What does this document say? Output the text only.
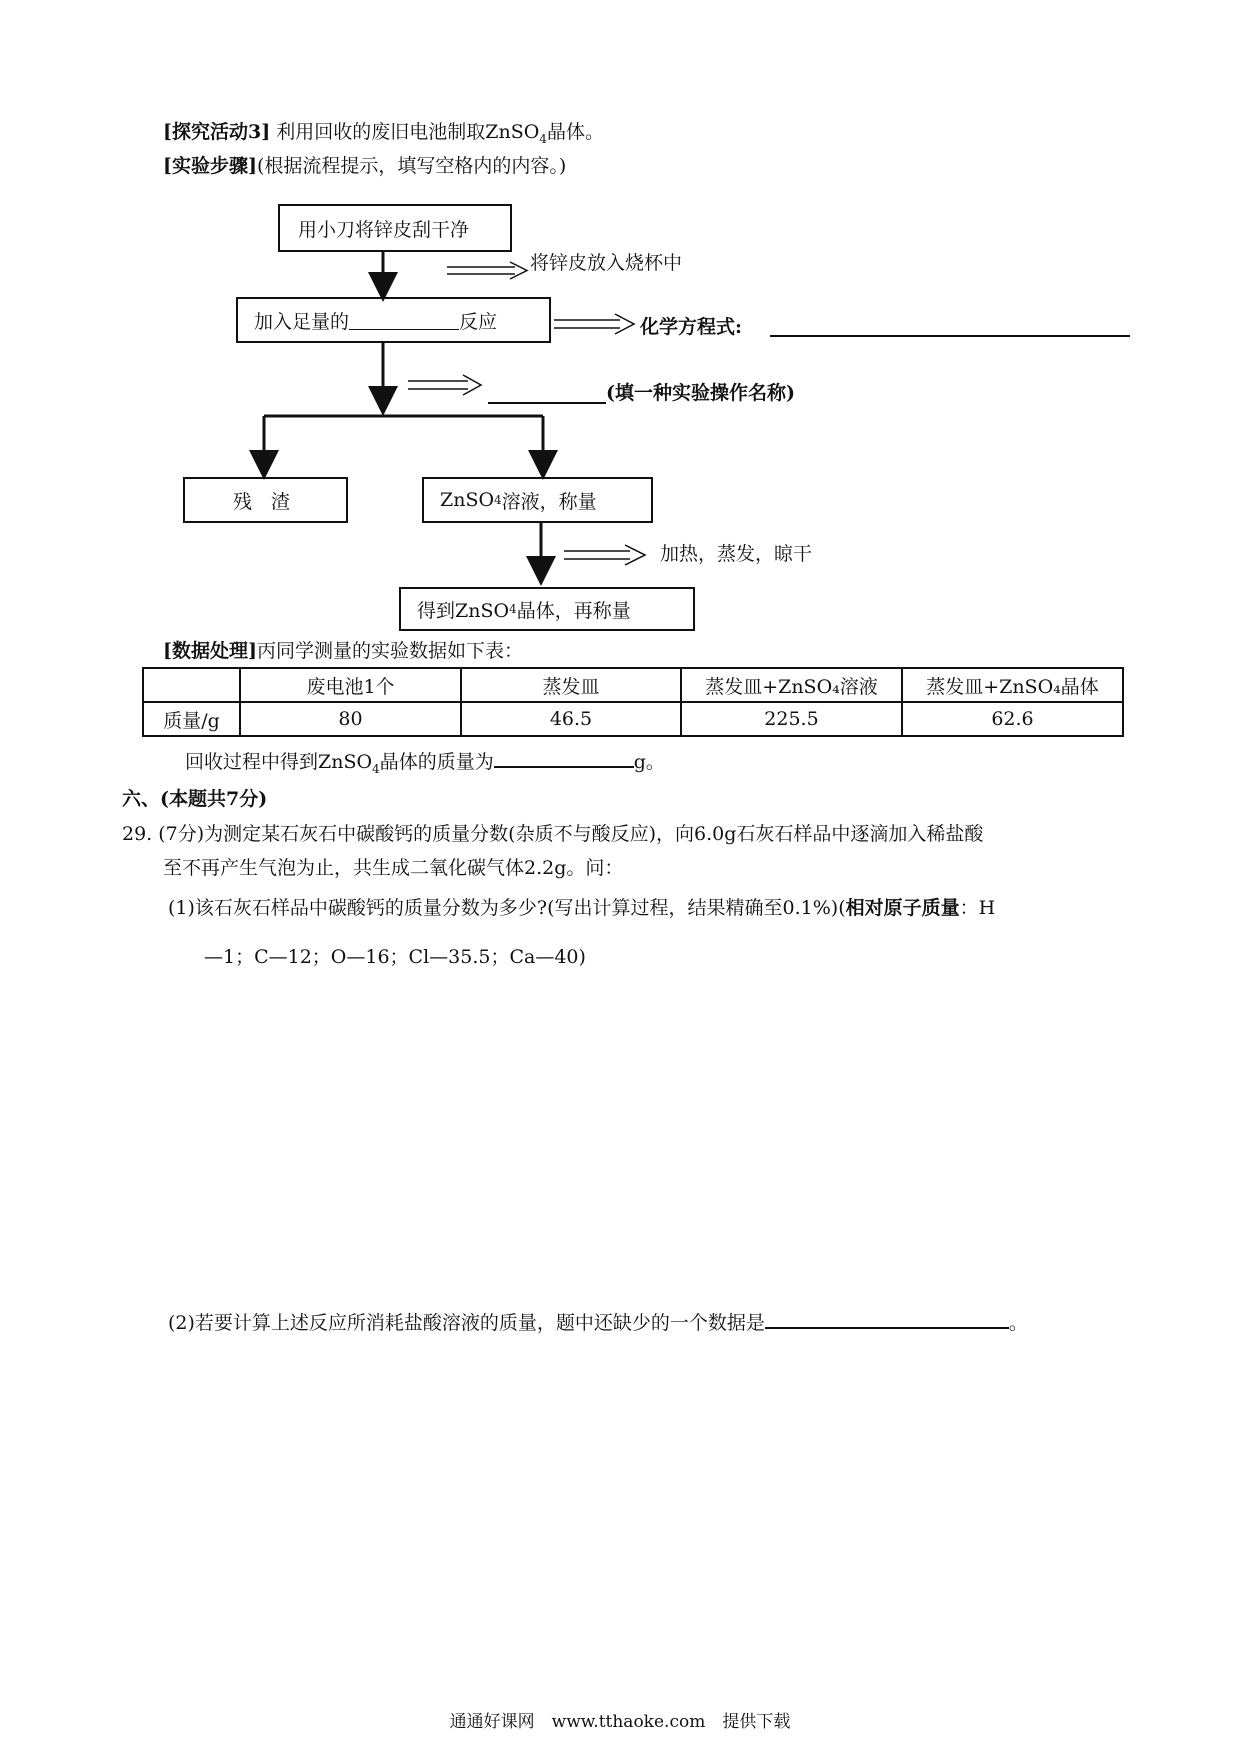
[探究活动3] 利用回收的废旧电池制取ZnSO$_4$晶体。
[实验步骤](根据流程提示，填写空格内的内容。)
用小刀将锌皮刮干净
将锌皮放入烧杯中
加入足量的	反应	化学方程式:
(填一种实验操作名称)
残　渣	ZnSO 4 溶液，称量
加热，蒸发，晾干
得到ZnSO 4 晶体，再称量
[数据处理]丙同学测量的实验数据如下表：
	废电池1个	蒸发皿	蒸发皿+ZnSO₄溶液	蒸发皿+ZnSO₄晶体
质量/g	80	46.5	225.5	62.6
回收过程中得到ZnSO$_4$晶体的质量为	g。
六、(本题共7分)
29. (7分)为测定某石灰石中碳酸钙的质量分数(杂质不与酸反应)，向6.0g石灰石样品中逐滴加入稀盐酸
至不再产生气泡为止，共生成二氧化碳气体2.2g。问：
(1)该石灰石样品中碳酸钙的质量分数为多少?(写出计算过程，结果精确至0.1%)(相对原子质量：H
—1；C—12；O—16；Cl—35.5；Ca—40)
(2)若要计算上述反应所消耗盐酸溶液的质量，题中还缺少的一个数据是	。
通通好课网　www.tthaoke.com　提供下载
